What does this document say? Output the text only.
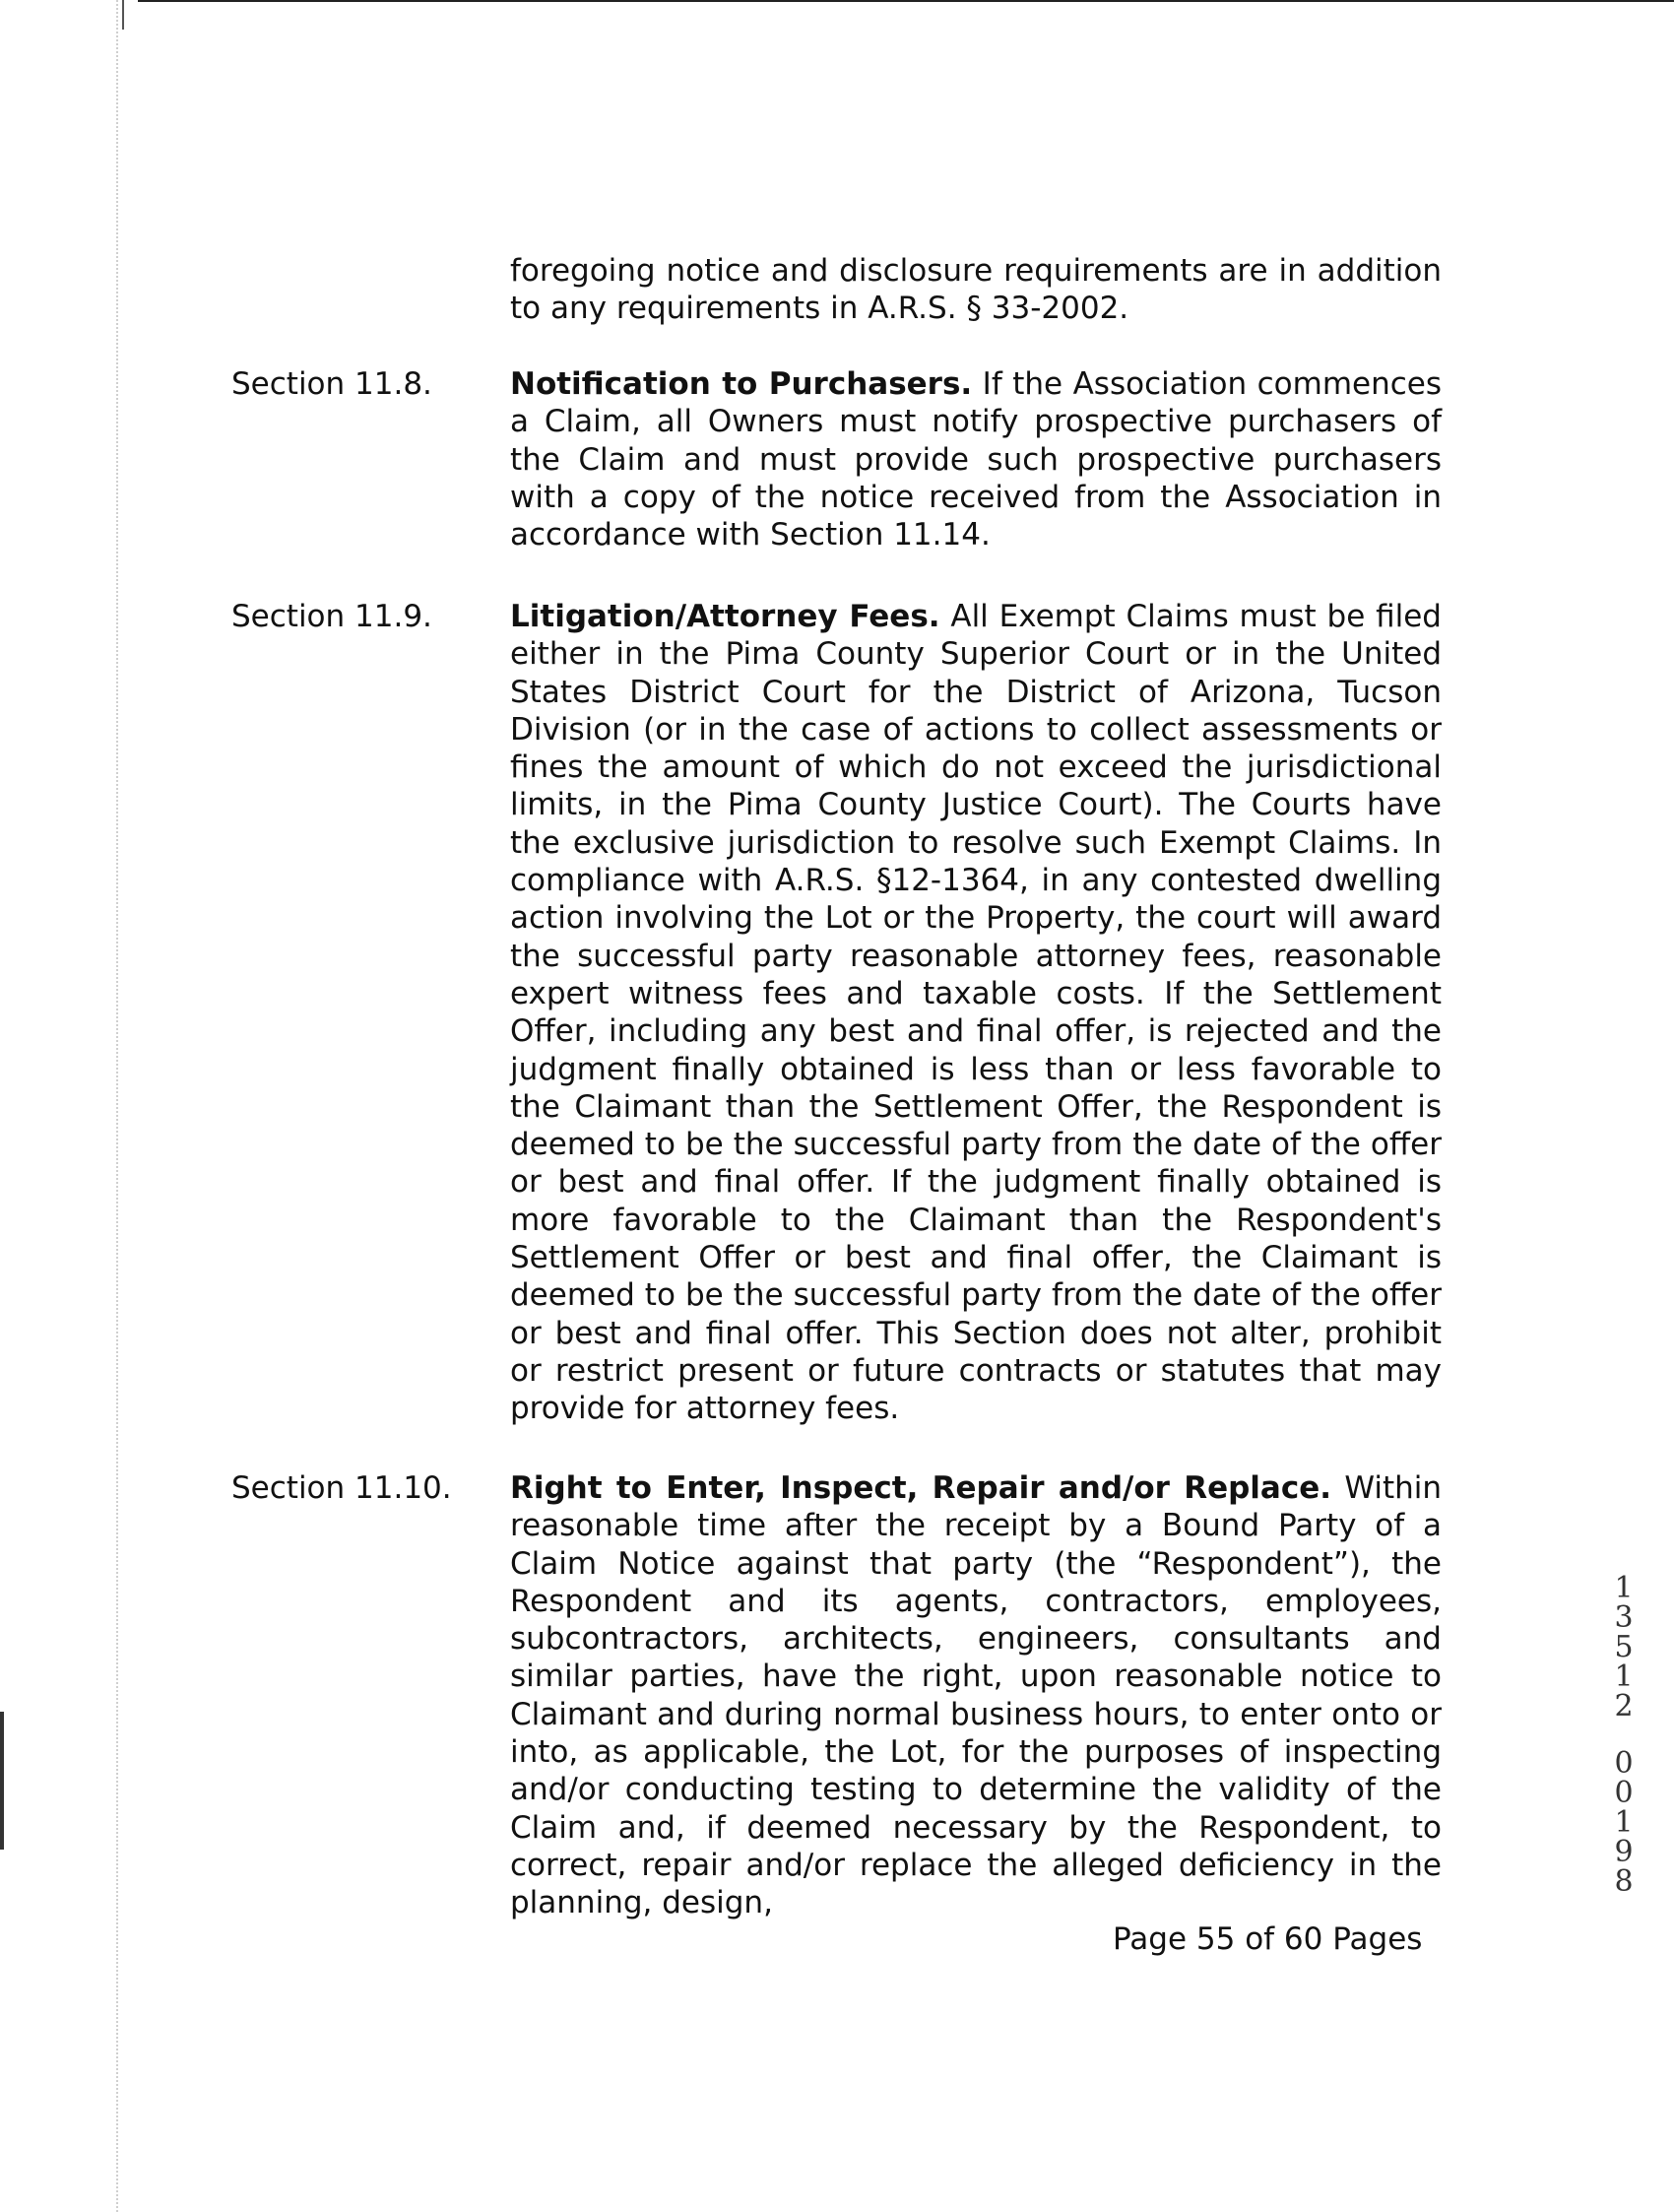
foregoing notice and disclosure requirements are in addition to any requirements in A.R.S. § 33-2002.

Section 11.8.	Notification to Purchasers. If the Association commences a Claim, all Owners must notify prospective purchasers of the Claim and must provide such prospective purchasers with a copy of the notice received from the Association in accordance with Section 11.14.

Section 11.9.	Litigation/Attorney Fees. All Exempt Claims must be filed either in the Pima County Superior Court or in the United States District Court for the District of Arizona, Tucson Division (or in the case of actions to collect assessments or fines the amount of which do not exceed the jurisdictional limits, in the Pima County Justice Court). The Courts have the exclusive jurisdiction to resolve such Exempt Claims. In compliance with A.R.S. §12-1364, in any contested dwelling action involving the Lot or the Property, the court will award the successful party reasonable attorney fees, reasonable expert witness fees and taxable costs. If the Settlement Offer, including any best and final offer, is rejected and the judgment finally obtained is less than or less favorable to the Claimant than the Settlement Offer, the Respondent is deemed to be the successful party from the date of the offer or best and final offer. If the judgment finally obtained is more favorable to the Claimant than the Respondent's Settlement Offer or best and final offer, the Claimant is deemed to be the successful party from the date of the offer or best and final offer. This Section does not alter, prohibit or restrict present or future contracts or statutes that may provide for attorney fees.

Section 11.10. Right to Enter, Inspect, Repair and/or Replace. Within reasonable time after the receipt by a Bound Party of a Claim Notice against that party (the “Respondent”), the Respondent and its agents, contractors, employees, subcontractors, architects, engineers, consultants and similar parties, have the right, upon reasonable notice to Claimant and during normal business hours, to enter onto or into, as applicable, the Lot, for the purposes of inspecting and/or conducting testing to determine the validity of the Claim and, if deemed necessary by the Respondent, to correct, repair and/or replace the alleged deficiency in the planning, design,

Page 55 of 60 Pages
1
3
5
1
2

0
0
1
9
8
